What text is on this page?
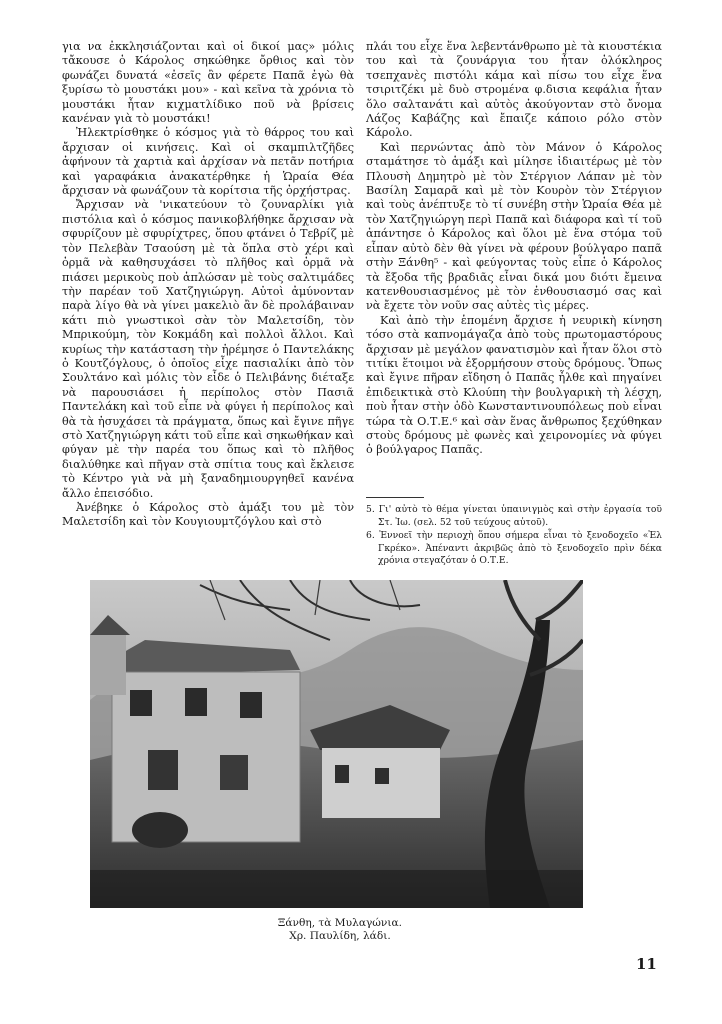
για να ἐκκλησιάζονται καὶ οἱ δικοί μας» μόλις τἄκουσε ὁ Κάρολος σηκώθηκε ὄρθιος καὶ τὸν φωνάζει δυνατά «ἐσεῖς ἂν φέρετε Παπᾶ ἐγὼ θὰ ξυρίσω τὸ μουστάκι μου» - καὶ κεῖνα τὰ χρόνια τὸ μουστάκι ἦταν κιχματλίδικο ποῦ νὰ βρίσεις κανέναν γιὰ τὸ μουστάκι!

Ἠλεκτρίσθηκε ὁ κόσμος γιὰ τὸ θάρρος του καὶ ἄρχισαν οἱ κινήσεις. Καὶ οἱ σκαμπιλτζῆδες ἀφήνουν τὰ χαρτιὰ καὶ ἀρχίσαν νὰ πετᾶν ποτήρια καὶ γαραφάκια ἀνακατέρθηκε ἡ Ὡραία Θέα ἄρχισαν νὰ φωνάζουν τὰ κορίτσια τῆς ὀρχήστρας.

Ἄρχισαν νὰ 'νικατεύουν τὸ ζουναρλίκι γιὰ πιστόλια καὶ ὁ κόσμος πανικοβλήθηκε ἄρχισαν νὰ σφυρίζουν μὲ σφυρίχτρες, ὅπου φτάνει ὁ Τεβρίζ μὲ τὸν Πελεβὰν Τσαούση μὲ τὰ ὅπλα στὸ χέρι καὶ ὁρμᾶ νὰ καθησυχάσει τὸ πλῆθος καὶ ὁρμᾶ νὰ πιάσει μερικοὺς ποὺ ἁπλώσαν μὲ τοὺς σαλτιμάδες τὴν παρέαν τοῦ Χατζηγιώργη. Αὐτοὶ ἀμύνονταν παρὰ λίγο θὰ νὰ γίνει μακελιὸ ἂν δὲ προλάβαιναν κάτι πιὸ γνωστικοὶ σὰν τὸν Μαλετσίδη, τὸν Μπρικούμη, τὸν Κοκμάδη καὶ πολλοὶ ἄλλοι. Καὶ κυρίως τὴν κατάσταση τὴν ἡρέμησε ὁ Παντελάκης ὁ Κουτζόγλους, ὁ ὁποῖος εἶχε πασιαλίκι ἀπὸ τὸν Σουλτάνο καὶ μόλις τὸν εἶδε ὁ Πελιβάνης διέταξε νὰ παρουσιάσει ἡ περίπολος στὸν Πασιᾶ Παντελάκη καὶ τοῦ εἶπε νὰ φύγει ἡ περίπολος καὶ θὰ τὰ ἡσυχάσει τὰ πράγματα, ὅπως καὶ ἔγινε πῆγε στὸ Χατζηγιώργη κάτι τοῦ εἶπε καὶ σηκωθήκαν καὶ φύγαν μὲ τὴν παρέα του ὅπως καὶ τὸ πλῆθος διαλύθηκε καὶ πῆγαν στὰ σπίτια τους καὶ ἔκλεισε τὸ Κέντρο γιὰ νὰ μὴ ξαναδημιουργηθεῖ κανένα ἄλλο ἐπεισόδιο.

Ἀνέβηκε ὁ Κάρολος στὸ ἁμάξι του μὲ τὸν Μαλετσίδη καὶ τὸν Κουγιουμτζόγλου καὶ στὸ

πλάι του εἶχε ἕνα λεβεντάνθρωπο μὲ τὰ κιουστέκια του καὶ τὰ ζουνάργια του ἦταν ὁλόκληρος τσεπχανὲς πιστόλι κάμα καὶ πίσω του εἶχε ἕνα τσιριτζέκι μὲ δυὸ στρομένα φ.δισια κεφάλια ἦταν ὅλο σαλτανάτι καὶ αὐτὸς ἀκούγονταν στὸ ὄνομα Λάζος Καβάζης καὶ ἔπαιζε κάποιο ρόλο στὸν Κάρολο.

Καὶ περνώντας ἀπὸ τὸν Μάνον ὁ Κάρολος σταμάτησε τὸ ἁμάξι καὶ μίλησε ἰδιαιτέρως μὲ τὸν Πλουσὴ Δημητρὸ μὲ τὸν Στέργιον Λάπαν μὲ τὸν Βασίλη Σαμαρᾶ καὶ μὲ τὸν Κουρὸν τὸν Στέργιον καὶ τοὺς ἀνέπτυξε τὸ τί συνέβη στὴν Ὡραία Θέα μὲ τὸν Χατζηγιώργη περὶ Παπᾶ καὶ διάφορα καὶ τί τοῦ ἀπάντησε ὁ Κάρολος καὶ ὅλοι μὲ ἕνα στόμα τοῦ εἶπαν αὐτὸ δὲν θὰ γίνει νὰ φέρουν βούλγαρο παπᾶ στὴν Ξάνθη⁵ - καὶ φεύγοντας τοὺς εἶπε ὁ Κάρολος τὰ ἔξοδα τῆς βραδιᾶς εἶναι δικά μου διότι ἔμεινα κατενθουσιασμένος μὲ τὸν ἐνθουσιασμό σας καὶ νὰ ἔχετε τὸν νοῦν σας αὐτὲς τὶς μέρες.

Καὶ ἀπὸ τὴν ἑπομένη ἄρχισε ἡ νευρικὴ κίνηση τόσο στὰ καπνομάγαζα ἀπὸ τοὺς πρωτομαστόρους ἄρχισαν μὲ μεγάλον φανατισμὸν καὶ ἦταν ὅλοι στὸ τιτίκι ἕτοιμοι νὰ ἐξορμήσουν στοὺς δρόμους. Ὅπως καὶ ἔγινε πῆραν εἴδηση ὁ Παπᾶς ἦλθε καὶ πηγαίνει ἐπιδεικτικὰ στὸ Κλούπη τὴν βουλγαρικὴ τὴ λέσχη, ποὺ ἦταν στὴν ὁδὸ Κωνσταντινουπόλεως ποὺ εἶναι τώρα τὰ Ο.Τ.Ε.⁶ καὶ σὰν ἕνας ἄνθρωπος ξεχύθηκαν στοὺς δρόμους μὲ φωνὲς καὶ χειρονομίες νὰ φύγει ὁ βούλγαρος Παπᾶς.

5. Γι' αὐτὸ τὸ θέμα γίνεται ὑπαινιγμὸς καὶ στὴν ἐργασία τοῦ Στ. Ἰω. (σελ. 52 τοῦ τεύχους αὐτοῦ).

6. Ἐννοεῖ τὴν περιοχὴ ὅπου σήμερα εἶναι τὸ ξενοδοχεῖο «Ἐλ Γκρέκο». Ἀπέναντι ἀκριβῶς ἀπὸ τὸ ξενοδοχεῖο πρὶν δέκα χρόνια στεγαζόταν ὁ Ο.Τ.Ε.

Ξάνθη, τὰ Μυλαγώνια.
Χρ. Παυλίδη, λάδι.
11
